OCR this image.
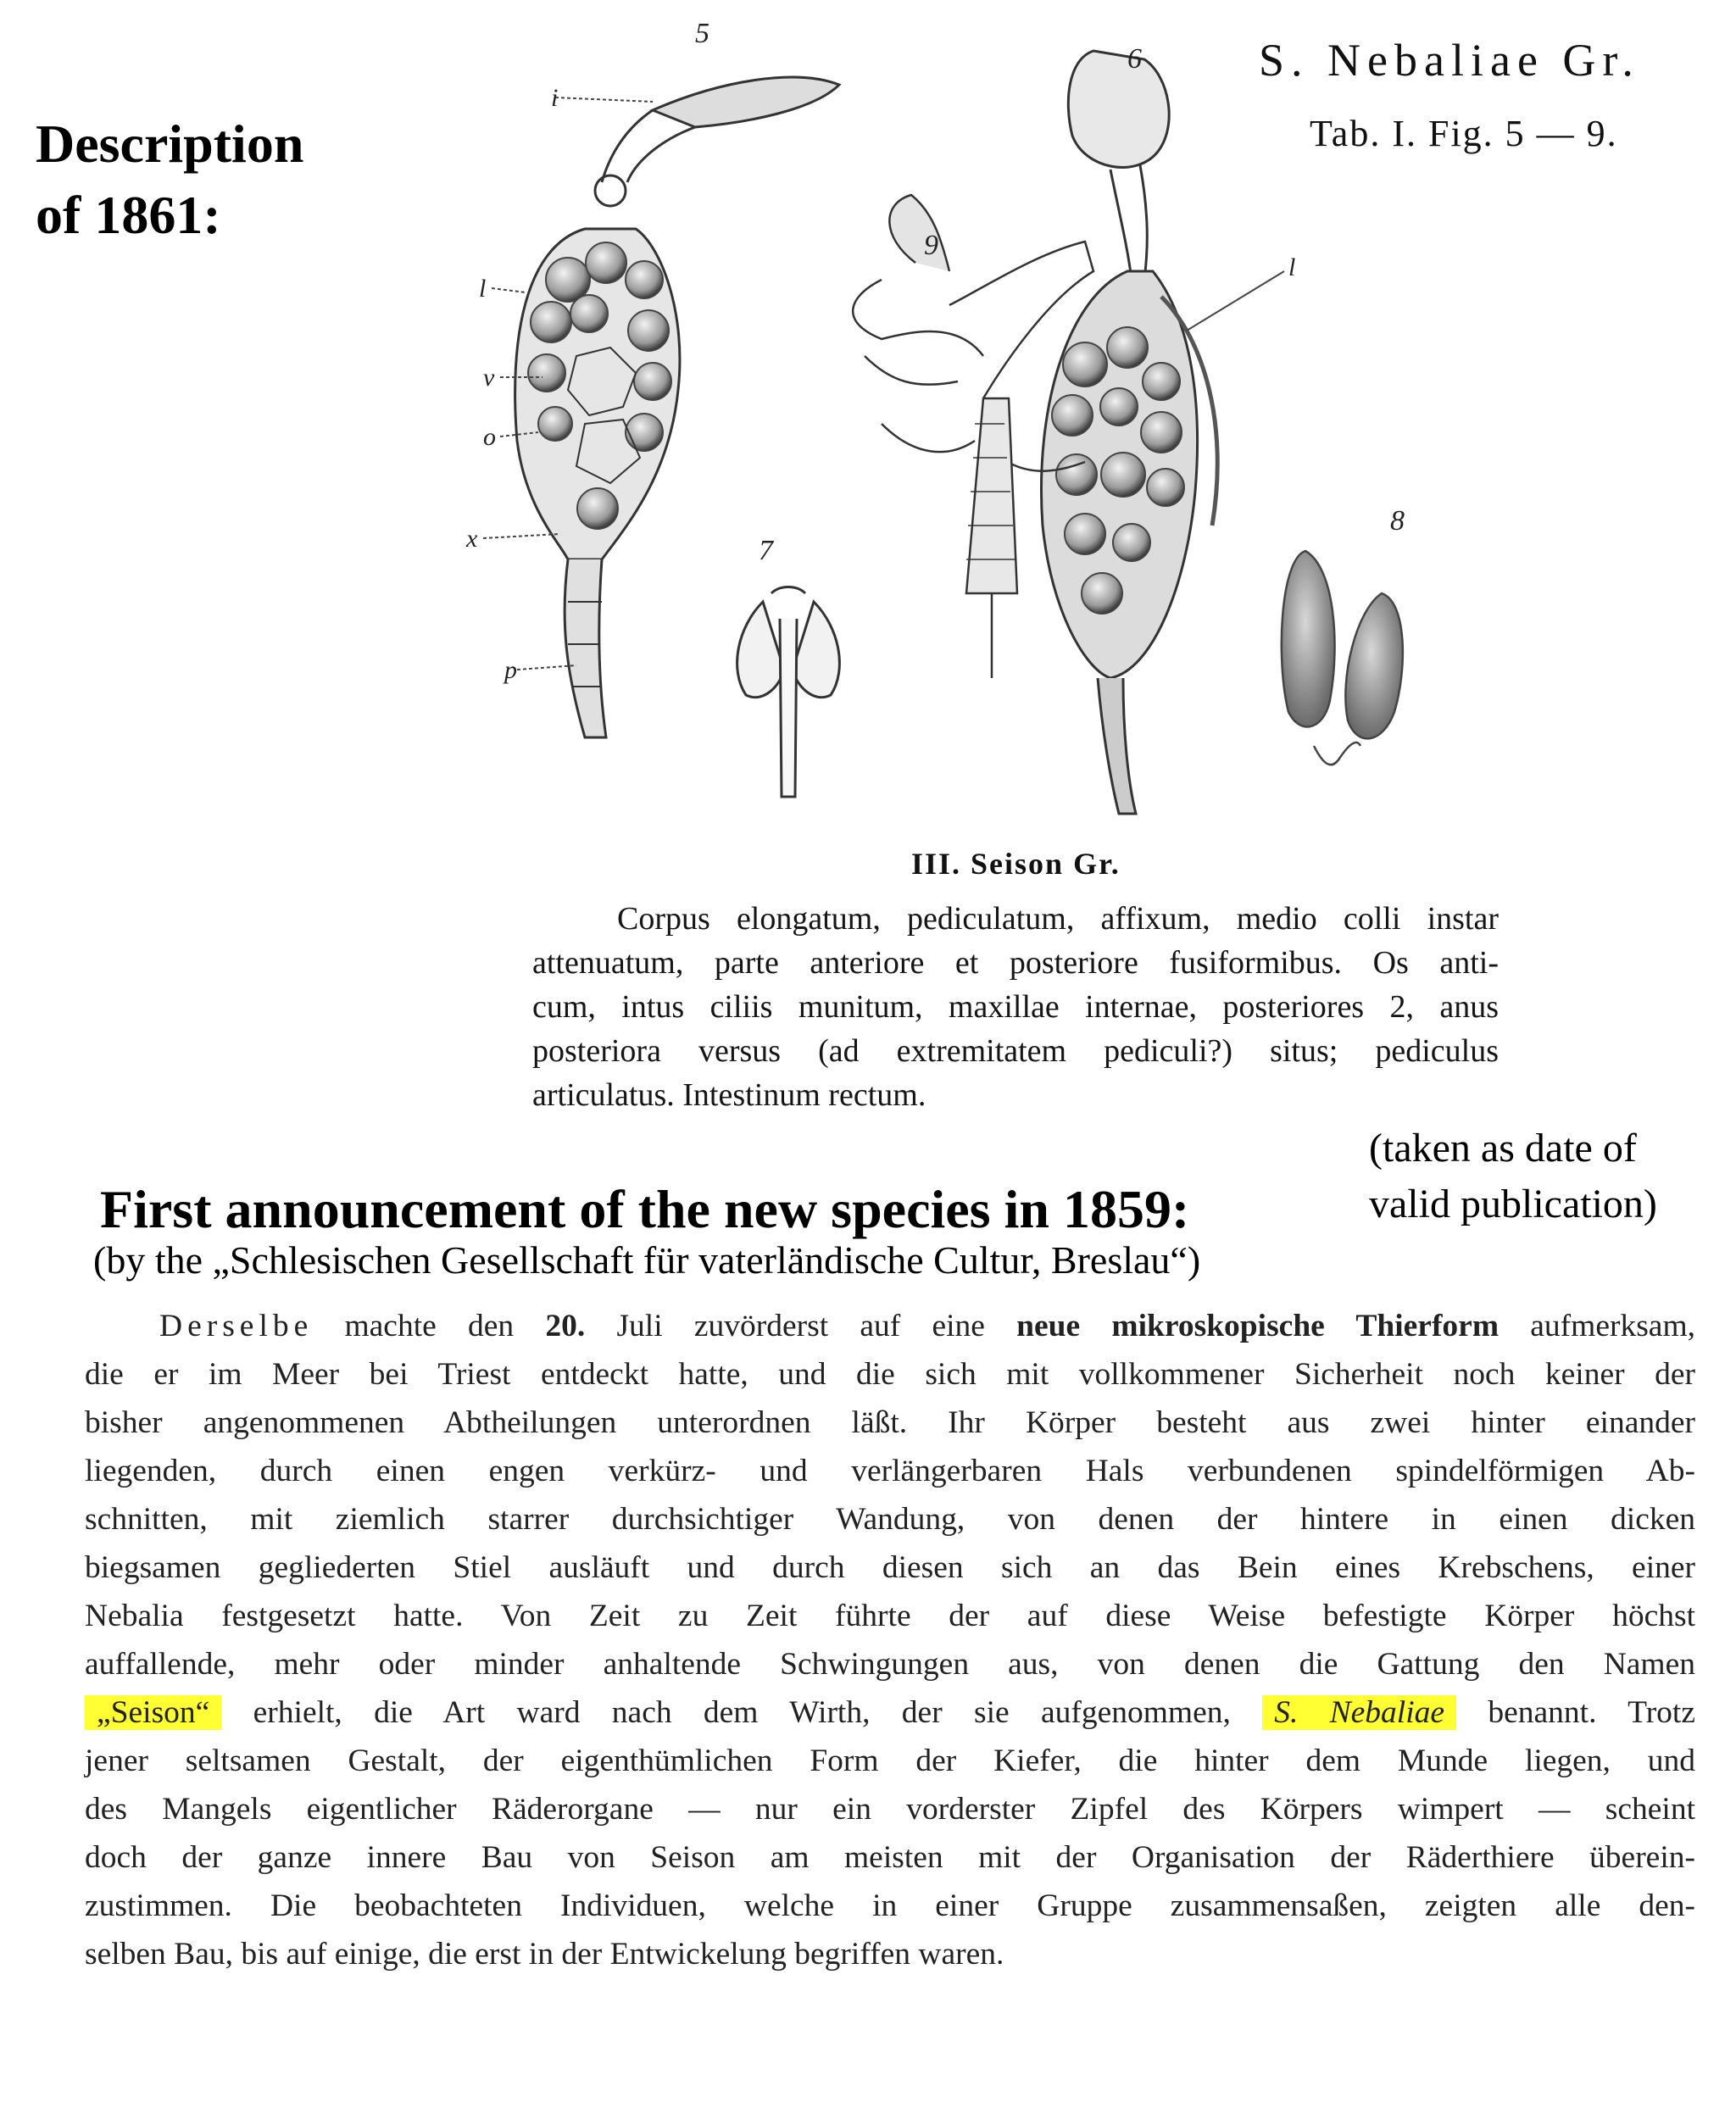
Description
of 1861:
S. Nebaliae Gr.
Tab. I. Fig. 5 — 9.
5
6
9
7
8
i
l
v
o
x
p
l
III. Seison Gr.
Corpus elongatum, pediculatum, affixum, medio colli instar
attenuatum, parte anteriore et posteriore fusiformibus. Os anti-
cum, intus ciliis munitum, maxillae internae, posteriores 2, anus
posteriora versus (ad extremitatem pediculi?) situs; pediculus
articulatus. Intestinum rectum.
(taken as date of
valid publication)
First announcement of the new species in 1859:
(by the „Schlesischen Gesellschaft für vaterländische Cultur, Breslau“)
Derselbe machte den 20. Juli zuvörderst auf eine neue mikroskopische Thierform aufmerksam,
die er im Meer bei Triest entdeckt hatte, und die sich mit vollkommener Sicherheit noch keiner der
bisher angenommenen Abtheilungen unterordnen läßt. Ihr Körper besteht aus zwei hinter einander
liegenden, durch einen engen verkürz- und verlängerbaren Hals verbundenen spindelförmigen Ab-
schnitten, mit ziemlich starrer durchsichtiger Wandung, von denen der hintere in einen dicken
biegsamen gegliederten Stiel ausläuft und durch diesen sich an das Bein eines Krebschens, einer
Nebalia festgesetzt hatte. Von Zeit zu Zeit führte der auf diese Weise befestigte Körper höchst
auffallende, mehr oder minder anhaltende Schwingungen aus, von denen die Gattung den Namen
„Seison“ erhielt, die Art ward nach dem Wirth, der sie aufgenommen, S. Nebaliae benannt. Trotz
jener seltsamen Gestalt, der eigenthümlichen Form der Kiefer, die hinter dem Munde liegen, und
des Mangels eigentlicher Räderorgane — nur ein vorderster Zipfel des Körpers wimpert — scheint
doch der ganze innere Bau von Seison am meisten mit der Organisation der Räderthiere überein-
zustimmen. Die beobachteten Individuen, welche in einer Gruppe zusammensaßen, zeigten alle den-
selben Bau, bis auf einige, die erst in der Entwickelung begriffen waren.
